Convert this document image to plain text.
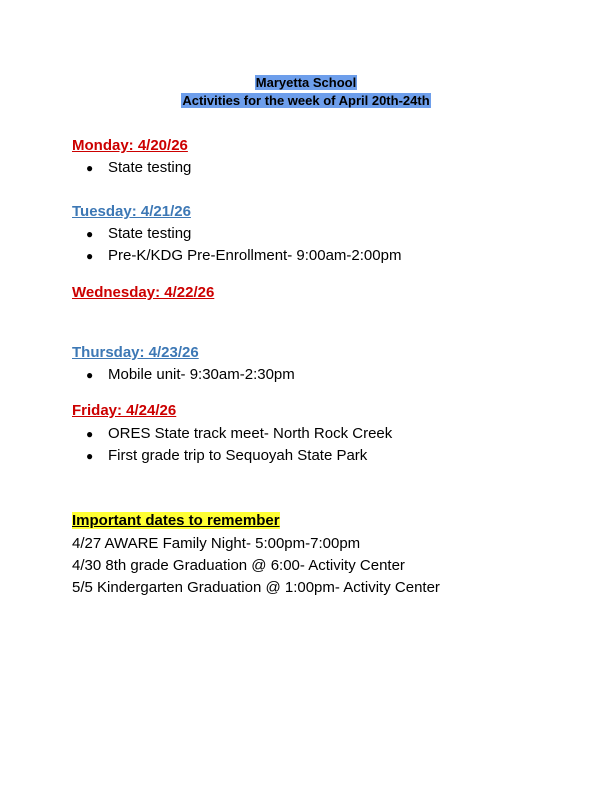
Maryetta School
Activities for the week of April 20th-24th
Monday: 4/20/26
● State testing
Tuesday: 4/21/26
● State testing
● Pre-K/KDG Pre-Enrollment- 9:00am-2:00pm
Wednesday: 4/22/26
Thursday: 4/23/26
● Mobile unit- 9:30am-2:30pm
Friday: 4/24/26
● ORES State track meet- North Rock Creek
● First grade trip to Sequoyah State Park
Important dates to remember
4/27 AWARE Family Night- 5:00pm-7:00pm
4/30 8th grade Graduation @ 6:00- Activity Center
5/5 Kindergarten Graduation @ 1:00pm- Activity Center
